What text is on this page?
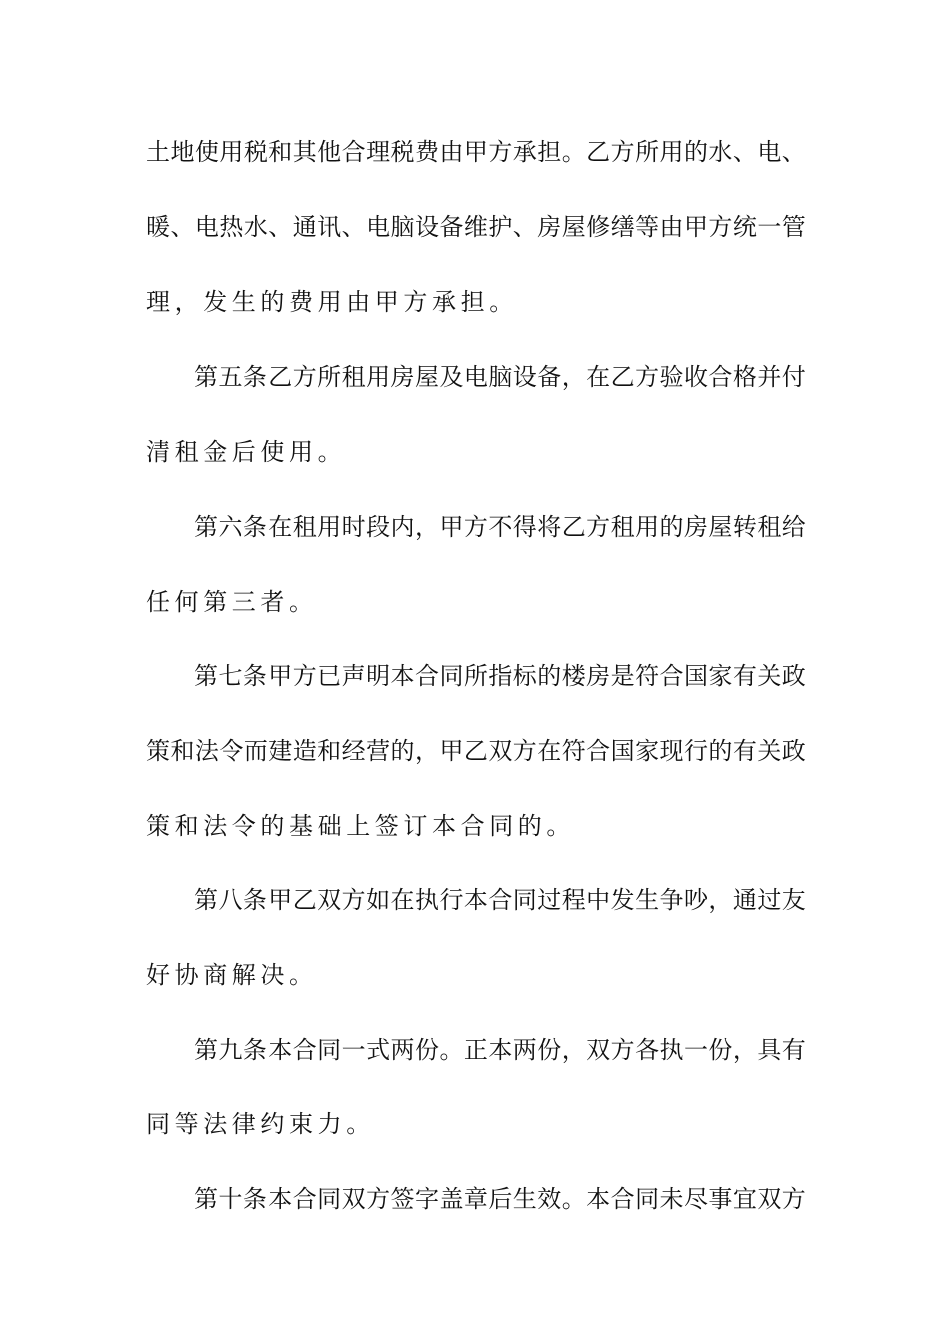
土 地 使 用 税 和 其 他 合 理 税 费 由 甲 方 承 担 。 乙 方 所 用 的 水 、 电 、
暖 、 电 热 水 、 通 讯 、 电 脑 设 备 维 护 、 房 屋 修 缮 等 由 甲 方 统 一 管
理，发生的费用由甲方承担。
第 五 条 乙 方 所 租 用 房 屋 及 电 脑 设 备 ， 在 乙 方 验 收 合 格 并 付
清租金后使用。
第 六 条 在 租 用 时 段 内 ， 甲 方 不 得 将 乙 方 租 用 的 房 屋 转 租 给
任何第三者。
第 七 条 甲 方 已 声 明 本 合 同 所 指 标 的 楼 房 是 符 合 国 家 有 关 政
策 和 法 令 而 建 造 和 经 营 的 ， 甲 乙 双 方 在 符 合 国 家 现 行 的 有 关 政
策和法令的基础上签订本合同的。
第 八 条 甲 乙 双 方 如 在 执 行 本 合 同 过 程 中 发 生 争 吵 ， 通 过 友
好协商解决。
第 九 条 本 合 同 一 式 两 份 。 正 本 两 份 ， 双 方 各 执 一 份 ， 具 有
同等法律约束力。
第 十 条 本 合 同 双 方 签 字 盖 章 后 生 效 。 本 合 同 未 尽 事 宜 双 方
